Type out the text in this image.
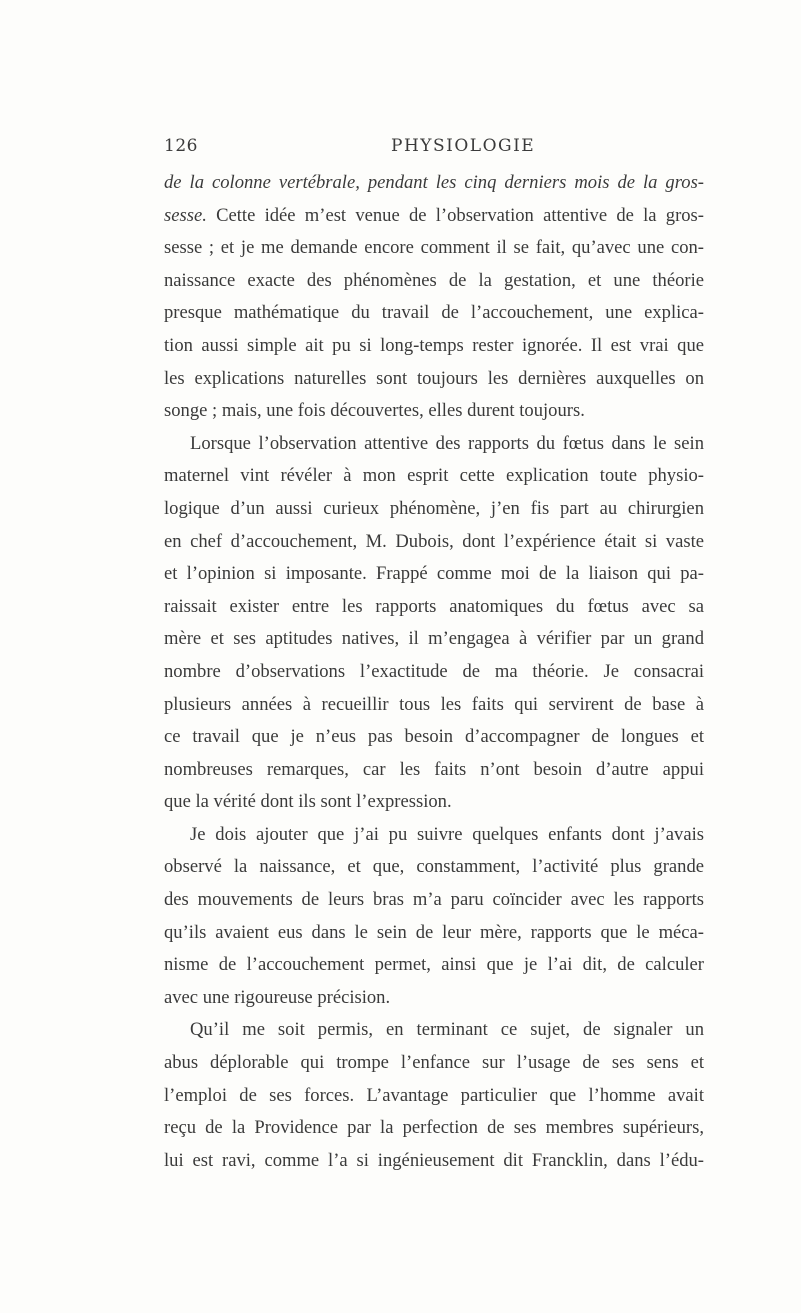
126	PHYSIOLOGIE

de la colonne vertébrale, pendant les cinq derniers mois de la gros-
sesse. Cette idée m’est venue de l’observation attentive de la gros-
sesse ; et je me demande encore comment il se fait, qu’avec une con-
naissance exacte des phénomènes de la gestation, et une théorie
presque mathématique du travail de l’accouchement, une explica-
tion aussi simple ait pu si long-temps rester ignorée. Il est vrai que
les explications naturelles sont toujours les dernières auxquelles on
songe ; mais, une fois découvertes, elles durent toujours.

Lorsque l’observation attentive des rapports du fœtus dans le sein
maternel vint révéler à mon esprit cette explication toute physio-
logique d’un aussi curieux phénomène, j’en fis part au chirurgien
en chef d’accouchement, M. Dubois, dont l’expérience était si vaste
et l’opinion si imposante. Frappé comme moi de la liaison qui pa-
raissait exister entre les rapports anatomiques du fœtus avec sa
mère et ses aptitudes natives, il m’engagea à vérifier par un grand
nombre d’observations l’exactitude de ma théorie. Je consacrai
plusieurs années à recueillir tous les faits qui servirent de base à
ce travail que je n’eus pas besoin d’accompagner de longues et
nombreuses remarques, car les faits n’ont besoin d’autre appui
que la vérité dont ils sont l’expression.

Je dois ajouter que j’ai pu suivre quelques enfants dont j’avais
observé la naissance, et que, constamment, l’activité plus grande
des mouvements de leurs bras m’a paru coïncider avec les rapports
qu’ils avaient eus dans le sein de leur mère, rapports que le méca-
nisme de l’accouchement permet, ainsi que je l’ai dit, de calculer
avec une rigoureuse précision.

Qu’il me soit permis, en terminant ce sujet, de signaler un
abus déplorable qui trompe l’enfance sur l’usage de ses sens et
l’emploi de ses forces. L’avantage particulier que l’homme avait
reçu de la Providence par la perfection de ses membres supérieurs,
lui est ravi, comme l’a si ingénieusement dit Francklin, dans l’édu-
